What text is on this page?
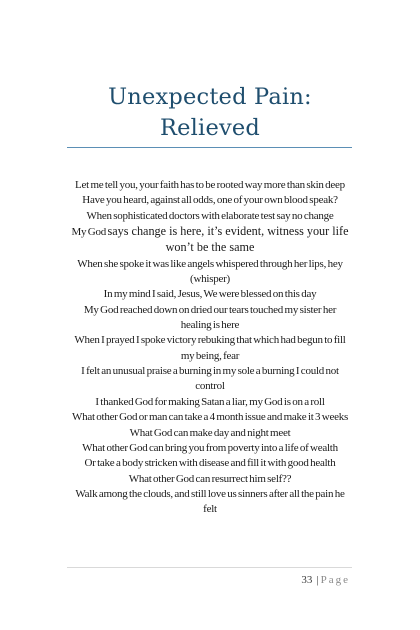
Unexpected Pain:
Relieved
Let me tell you, your faith has to be rooted way more than skin deep
Have you heard, against all odds, one of your own blood speak?
When sophisticated doctors with elaborate test say no change
My God says change is here, it’s evident, witness your life won’t be the same
When she spoke it was like angels whispered through her lips, hey (whisper)
In my mind I said, Jesus, We were blessed on this day
My God reached down on dried our tears touched my sister her healing is here
When I prayed I spoke victory rebuking that which had begun to fill my being, fear
I felt an unusual praise a burning in my sole a burning I could not control
I thanked God for making Satan a liar, my God is on a roll
What other God or man can take a 4 month issue and make it 3 weeks
What God can make day and night meet
What other God can bring you from poverty into a life of wealth
Or take a body stricken with disease and fill it with good health
What other God can resurrect him self??
Walk among the clouds, and still love us sinners after all the pain he felt
33 | Page
